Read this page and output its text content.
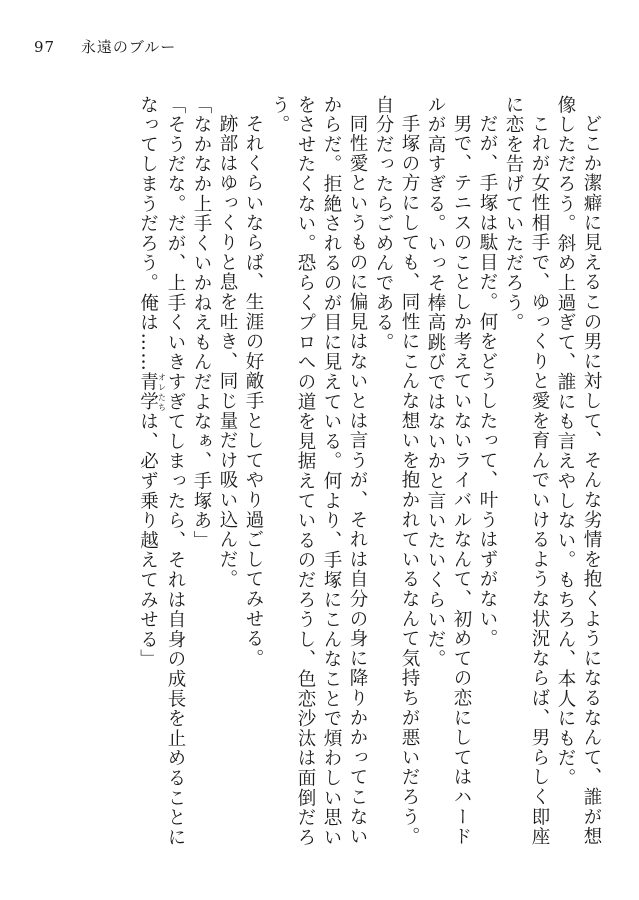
97 永遠のブルー

どこか潔癖に見えるこの男に対して、そんな劣情を抱くようになるなんて、誰が想像しただろう。斜め上過ぎて、誰にも言えやしない。もちろん、本人にもだ。

これが女性相手で、ゆっくりと愛を育んでいけるような状況ならば、男らしく即座に恋を告げていただろう。

だが、手塚は駄目だ。何をどうしたって、叶うはずがない。

男で、テニスのことしか考えていないライバルなんて、初めての恋にしてはハードルが高すぎる。いっそ棒高跳びではないかと言いたいくらいだ。

手塚の方にしても、同性にこんな想いを抱かれているなんて気持ちが悪いだろう。自分だったらごめんである。

同性愛というものに偏見はないとは言うが、それは自分の身に降りかかってこないからだ。拒絶されるのが目に見えている。何より、手塚にこんなことで煩わしい思いをさせたくない。恐らくプロへの道を見据えているのだろうし、色恋沙汰は面倒だろう。

それくらいならば、生涯の好敵手としてやり過ごしてみせる。

跡部はゆっくりと息を吐き、同じ量だけ吸い込んだ。

「なかなか上手くいかねえもんだよなぁ、手塚あ」

「そうだな。だが、上手くいきすぎてしまったら、それは自身の成長を止めることになってしまうだろう。俺は……青学 オレたちは、必ず乗り越えてみせる」
